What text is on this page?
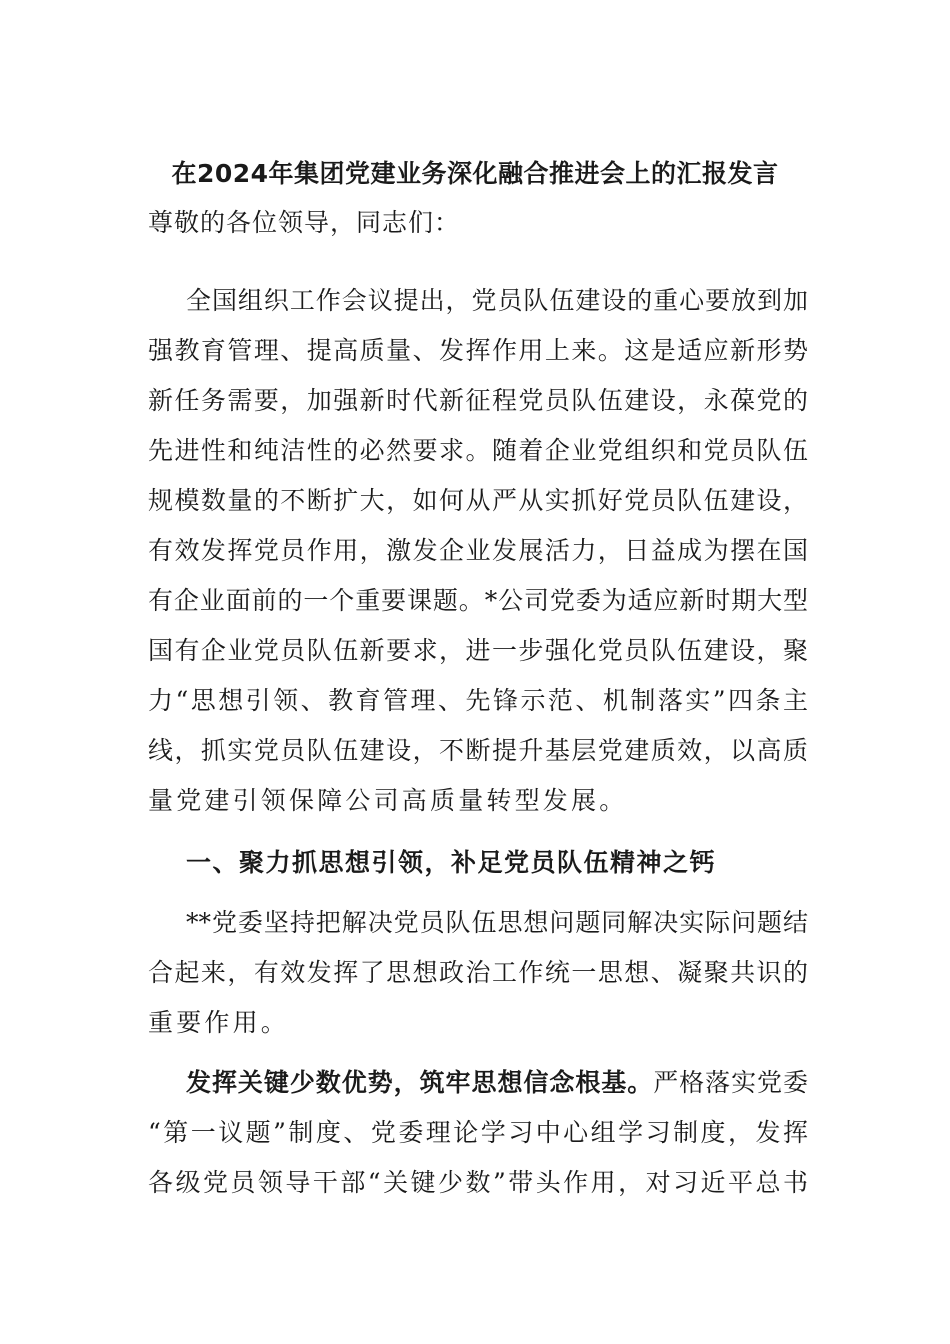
在2024年集团党建业务深化融合推进会上的汇报发言
尊敬的各位领导，同志们：
全国组织工作会议提出，党员队伍建设的重心要放到加
强教育管理、提高质量、发挥作用上来。这是适应新形势
新任务需要，加强新时代新征程党员队伍建设，永葆党的
先进性和纯洁性的必然要求。随着企业党组织和党员队伍
规模数量的不断扩大，如何从严从实抓好党员队伍建设，
有效发挥党员作用，激发企业发展活力，日益成为摆在国
有企业面前的一个重要课题。*公司党委为适应新时期大型
国有企业党员队伍新要求，进一步强化党员队伍建设，聚
力“思想引领、教育管理、先锋示范、机制落实”四条主
线，抓实党员队伍建设，不断提升基层党建质效，以高质
量党建引领保障公司高质量转型发展。
一、聚力抓思想引领，补足党员队伍精神之钙
**党委坚持把解决党员队伍思想问题同解决实际问题结
合起来，有效发挥了思想政治工作统一思想、凝聚共识的
重要作用。
发挥关键少数优势，筑牢思想信念根基。严格落实党委
“第一议题”制度、党委理论学习中心组学习制度，发挥
各级党员领导干部“关键少数”带头作用，对习近平总书
